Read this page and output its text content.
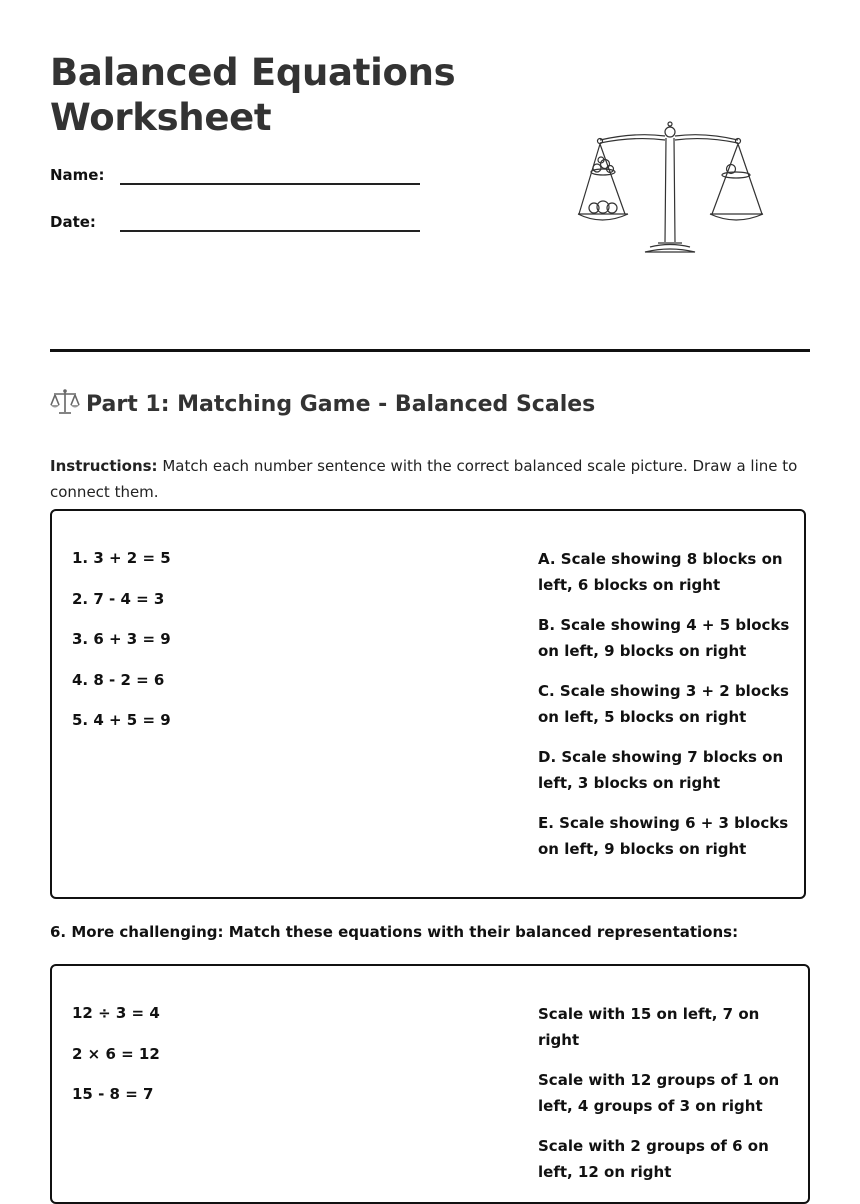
Balanced Equations
Worksheet
Name:
Date:
Part 1: Matching Game - Balanced Scales

Instructions: Match each number sentence with the correct balanced scale picture. Draw a line to connect them.

1. 3 + 2 = 5
2. 7 - 4 = 3
3. 6 + 3 = 9
4. 8 - 2 = 6
5. 4 + 5 = 9
A. Scale showing 8 blocks on left, 6 blocks on right
B. Scale showing 4 + 5 blocks on left, 9 blocks on right
C. Scale showing 3 + 2 blocks on left, 5 blocks on right
D. Scale showing 7 blocks on left, 3 blocks on right
E. Scale showing 6 + 3 blocks on left, 9 blocks on right
6. More challenging: Match these equations with their balanced representations:
12 ÷ 3 = 4
2 × 6 = 12
15 - 8 = 7
Scale with 15 on left, 7 on right
Scale with 12 groups of 1 on left, 4 groups of 3 on right
Scale with 2 groups of 6 on left, 12 on right
